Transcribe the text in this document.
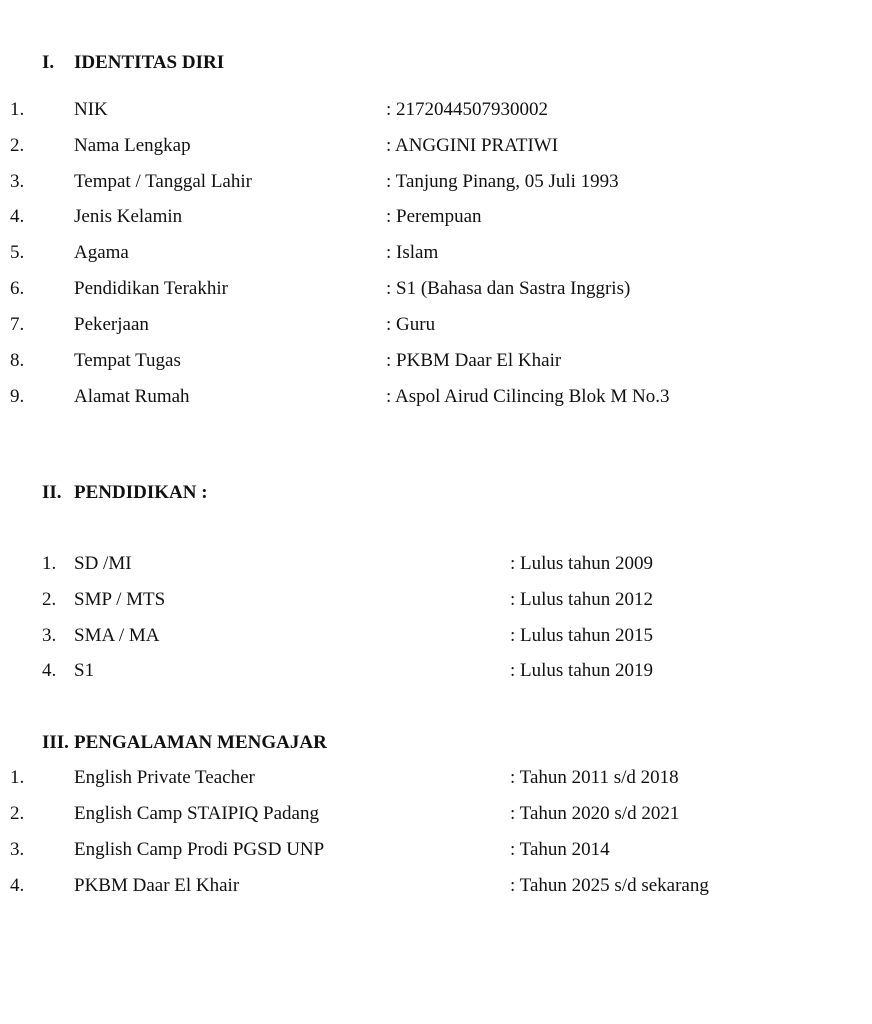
I. IDENTITAS DIRI
1.	NIK	: 2172044507930002
2.	Nama Lengkap	: ANGGINI PRATIWI
3.	Tempat / Tanggal Lahir	: Tanjung Pinang, 05 Juli 1993
4.	Jenis Kelamin	: Perempuan
5.	Agama	: Islam
6.	Pendidikan Terakhir	: S1 (Bahasa dan Sastra Inggris)
7.	Pekerjaan	: Guru
8.	Tempat Tugas	: PKBM Daar El Khair
9.	Alamat Rumah	: Aspol Airud Cilincing Blok M No.3
II. PENDIDIKAN :
1. SD /MI	: Lulus tahun 2009
2. SMP / MTS	: Lulus tahun 2012
3. SMA / MA	: Lulus tahun 2015
4. S1	: Lulus tahun 2019
III. PENGALAMAN MENGAJAR
1.	English Private Teacher	: Tahun 2011 s/d 2018
2.	English Camp STAIPIQ Padang	: Tahun 2020 s/d 2021
3.	English Camp Prodi PGSD UNP	: Tahun 2014
4.	PKBM Daar El Khair	: Tahun 2025 s/d sekarang
